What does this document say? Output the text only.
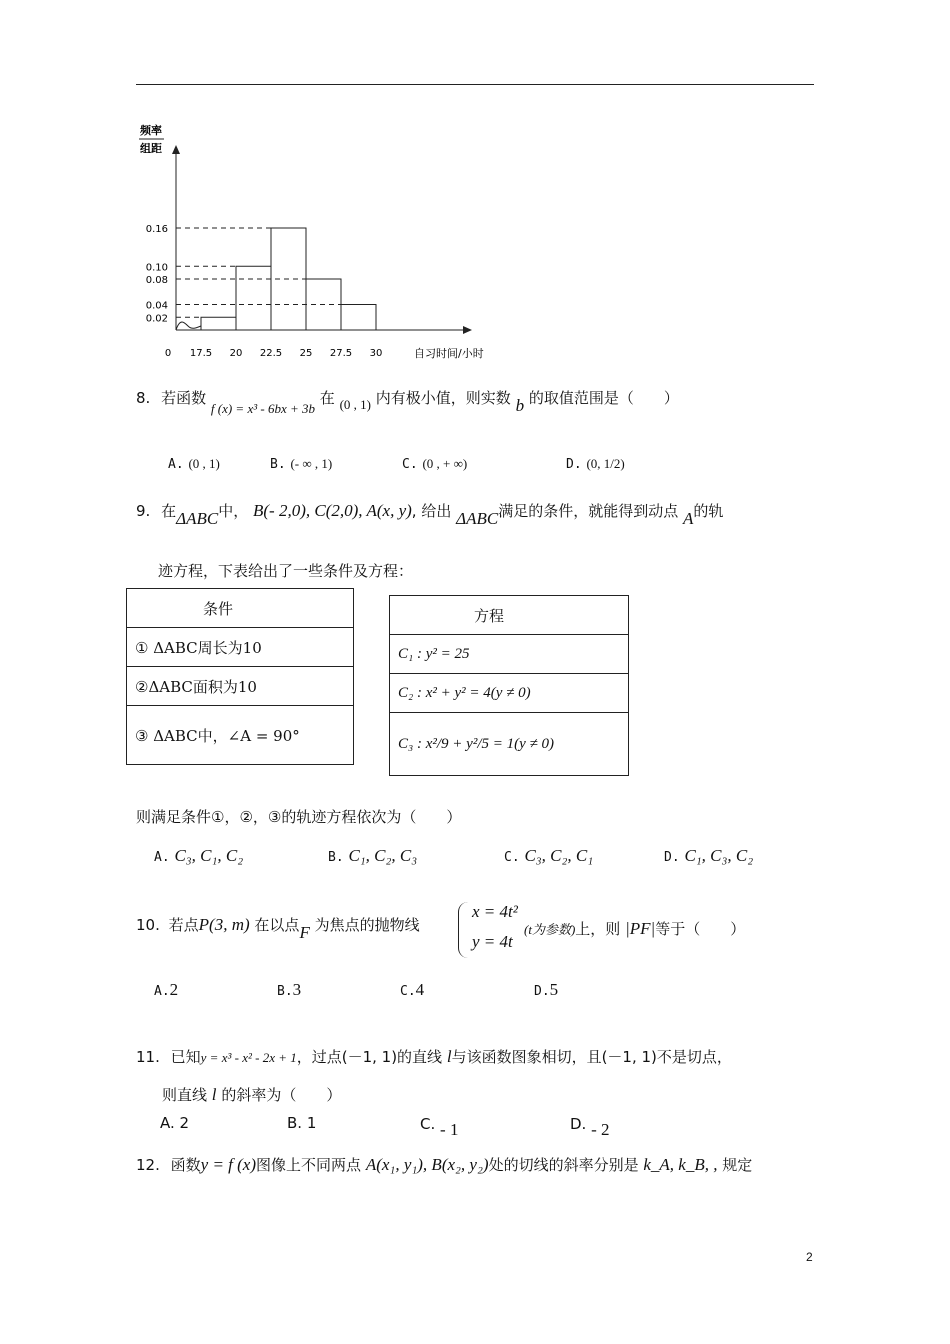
频率
组距
0.16
0.10
0.08
0.04
0.02
0 17.5 20 22.5 25 27.5 30	自习时间/小时
8. 若函数 f (x) = x³ - 6bx + 3b 在 (0 , 1) 内有极小值，则实数 b 的取值范围是（　　）
A. (0 , 1)	B. (- ∞ , 1)	C. (0 , + ∞)	D. (0, 1/2)
9. 在ΔABC中， B(- 2,0), C(2,0), A(x, y), 给出 ΔABC满足的条件，就能得到动点 A的轨
迹方程，下表给出了一些条件及方程：
条件
① ΔABC周长为10
②ΔABC面积为10
③ ΔABC中，∠A = 90°
方程
C₁ : y² = 25
C₂ : x² + y² = 4(y ≠ 0)
C₃ : x²/9 + y²/5 = 1(y ≠ 0)
则满足条件①，②，③的轨迹方程依次为（　　）
A. C₃, C₁, C₂	B. C₁, C₂, C₃	C. C₃, C₂, C₁	D. C₁, C₃, C₂
10. 若点P(3, m) 在以点F 为焦点的抛物线
x = 4t²
y = 4t
(t为参数)上，则 |PF|等于（　　）
A.2	B.3	C.4	D.5
11. 已知y = x³ - x² - 2x + 1，过点(－1, 1)的直线 l与该函数图象相切，且(－1, 1)不是切点，
则直线 l 的斜率为（　　）
A. 2	B. 1	C. - 1	D. - 2
12. 函数y = f (x)图像上不同两点 A(x₁, y₁), B(x₂, y₂)处的切线的斜率分别是 k_A, k_B, , 规定
2
